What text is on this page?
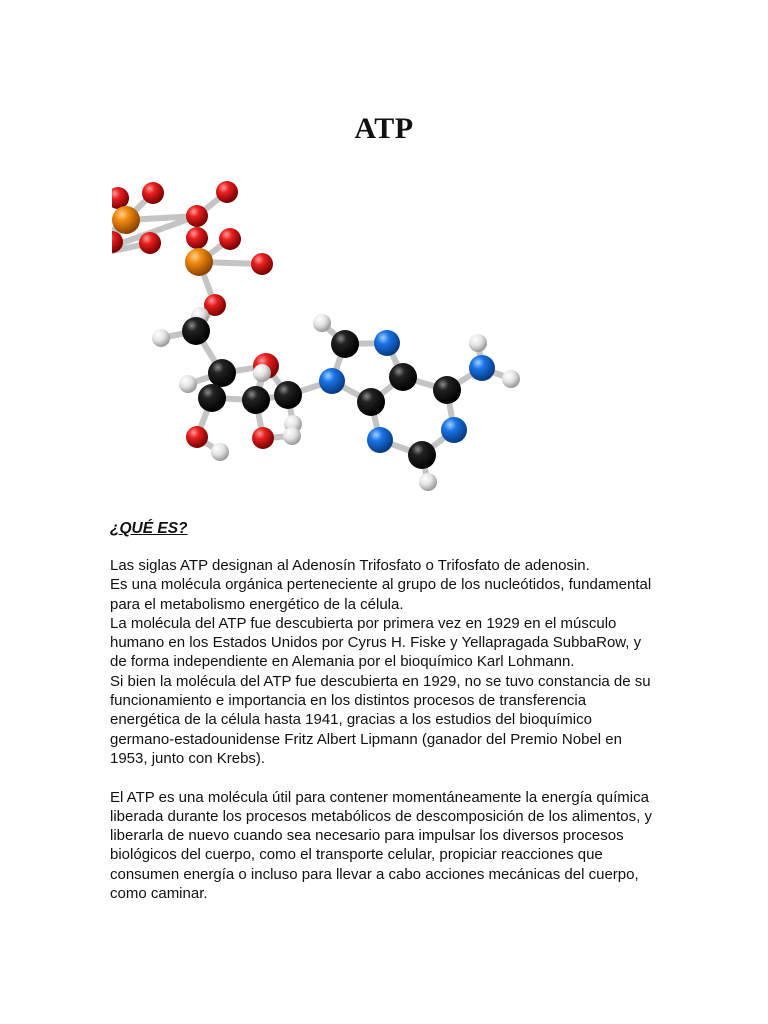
ATP
¿QUÉ ES?

Las siglas ATP designan al Adenosín Trifosfato o Trifosfato de adenosin.

Es una molécula orgánica perteneciente al grupo de los nucleótidos, fundamental para el metabolismo energético de la célula.

La molécula del ATP fue descubierta por primera vez en 1929 en el músculo humano en los Estados Unidos por Cyrus H. Fiske y Yellapragada SubbaRow, y de forma independiente en Alemania por el bioquímico Karl Lohmann.

Si bien la molécula del ATP fue descubierta en 1929, no se tuvo constancia de su funcionamiento e importancia en los distintos procesos de transferencia energética de la célula hasta 1941, gracias a los estudios del bioquímico germano-estadounidense Fritz Albert Lipmann (ganador del Premio Nobel en 1953, junto con Krebs).

El ATP es una molécula útil para contener momentáneamente la energía química liberada durante los procesos metabólicos de descomposición de los alimentos, y liberarla de nuevo cuando sea necesario para impulsar los diversos procesos biológicos del cuerpo, como el transporte celular, propiciar reacciones que consumen energía o incluso para llevar a cabo acciones mecánicas del cuerpo, como caminar.
